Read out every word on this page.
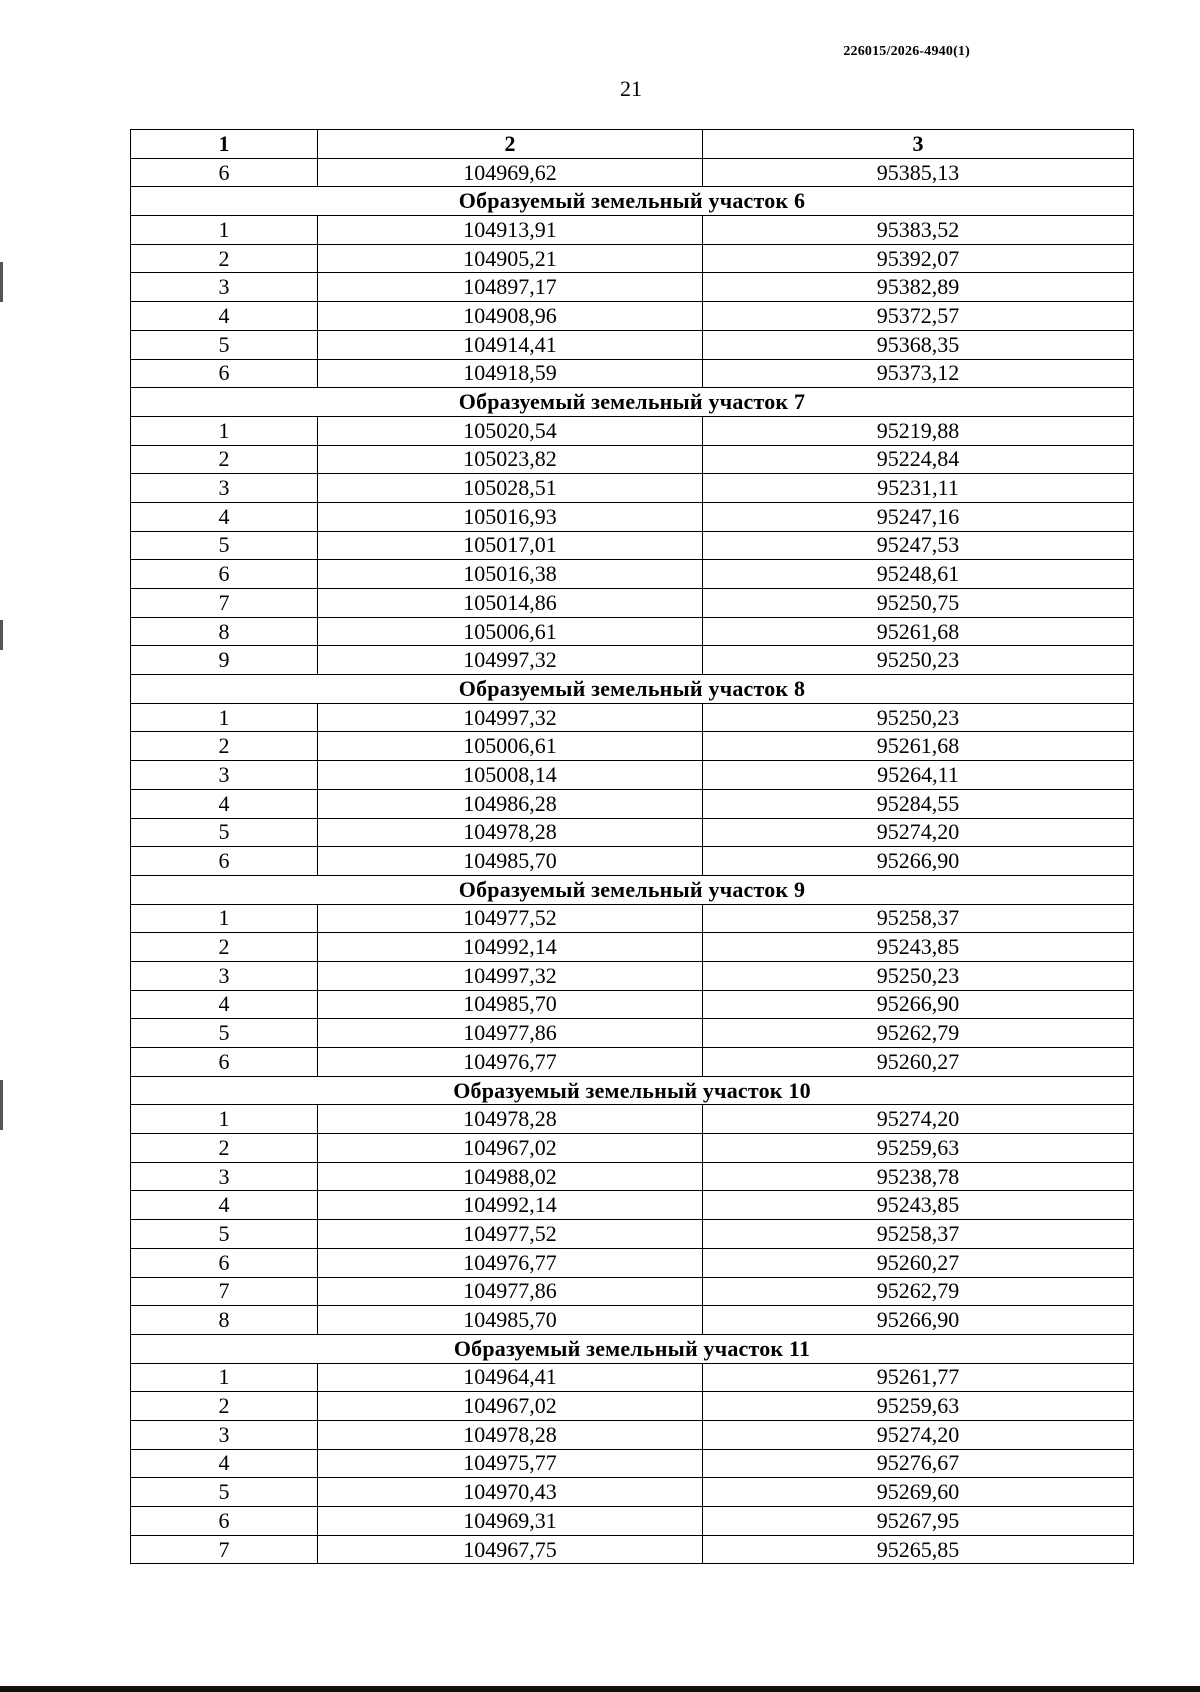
226015/2026-4940(1)
21
1	2	3
6	104969,62	95385,13
Образуемый земельный участок 6		
1	104913,91	95383,52
2	104905,21	95392,07
3	104897,17	95382,89
4	104908,96	95372,57
5	104914,41	95368,35
6	104918,59	95373,12
Образуемый земельный участок 7		
1	105020,54	95219,88
2	105023,82	95224,84
3	105028,51	95231,11
4	105016,93	95247,16
5	105017,01	95247,53
6	105016,38	95248,61
7	105014,86	95250,75
8	105006,61	95261,68
9	104997,32	95250,23
Образуемый земельный участок 8		
1	104997,32	95250,23
2	105006,61	95261,68
3	105008,14	95264,11
4	104986,28	95284,55
5	104978,28	95274,20
6	104985,70	95266,90
Образуемый земельный участок 9		
1	104977,52	95258,37
2	104992,14	95243,85
3	104997,32	95250,23
4	104985,70	95266,90
5	104977,86	95262,79
6	104976,77	95260,27
Образуемый земельный участок 10		
1	104978,28	95274,20
2	104967,02	95259,63
3	104988,02	95238,78
4	104992,14	95243,85
5	104977,52	95258,37
6	104976,77	95260,27
7	104977,86	95262,79
8	104985,70	95266,90
Образуемый земельный участок 11		
1	104964,41	95261,77
2	104967,02	95259,63
3	104978,28	95274,20
4	104975,77	95276,67
5	104970,43	95269,60
6	104969,31	95267,95
7	104967,75	95265,85
